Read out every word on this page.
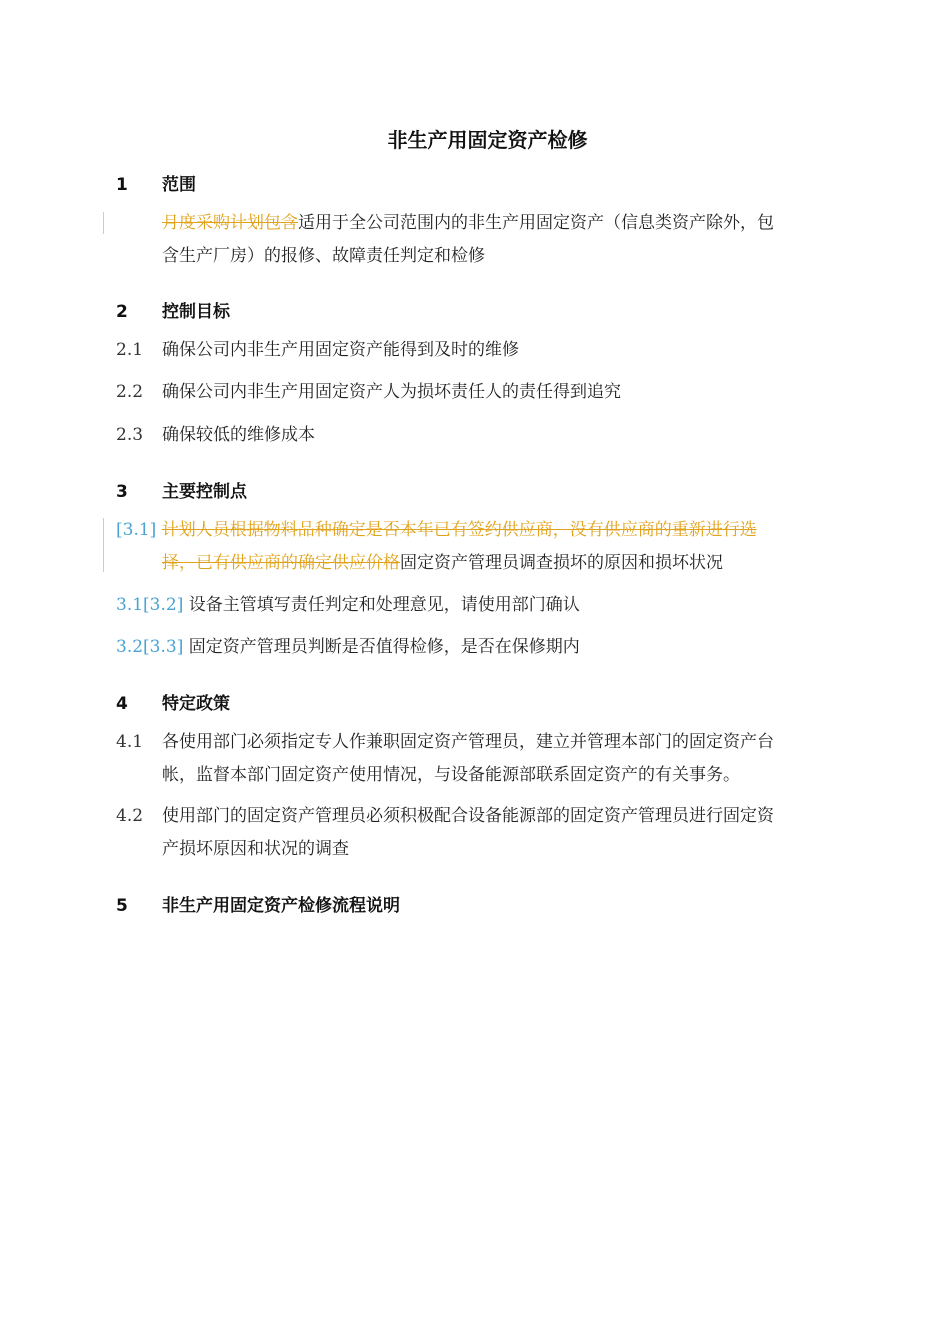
非生产用固定资产检修
1 范围
月度采购计划包含适用于全公司范围内的非生产用固定资产（信息类资产除外，包
含生产厂房）的报修、故障责任判定和检修
2 控制目标
2.1 确保公司内非生产用固定资产能得到及时的维修
2.2 确保公司内非生产用固定资产人为损坏责任人的责任得到追究
2.3 确保较低的维修成本
3 主要控制点
[3.1] 计划人员根据物料品种确定是否本年已有签约供应商，没有供应商的重新进行选
择，已有供应商的确定供应价格固定资产管理员调查损坏的原因和损坏状况
3.1[3.2] 设备主管填写责任判定和处理意见，请使用部门确认
3.2[3.3] 固定资产管理员判断是否值得检修，是否在保修期内
4 特定政策
4.1 各使用部门必须指定专人作兼职固定资产管理员，建立并管理本部门的固定资产台
帐，监督本部门固定资产使用情况，与设备能源部联系固定资产的有关事务。
4.2 使用部门的固定资产管理员必须积极配合设备能源部的固定资产管理员进行固定资
产损坏原因和状况的调查
5 非生产用固定资产检修流程说明
